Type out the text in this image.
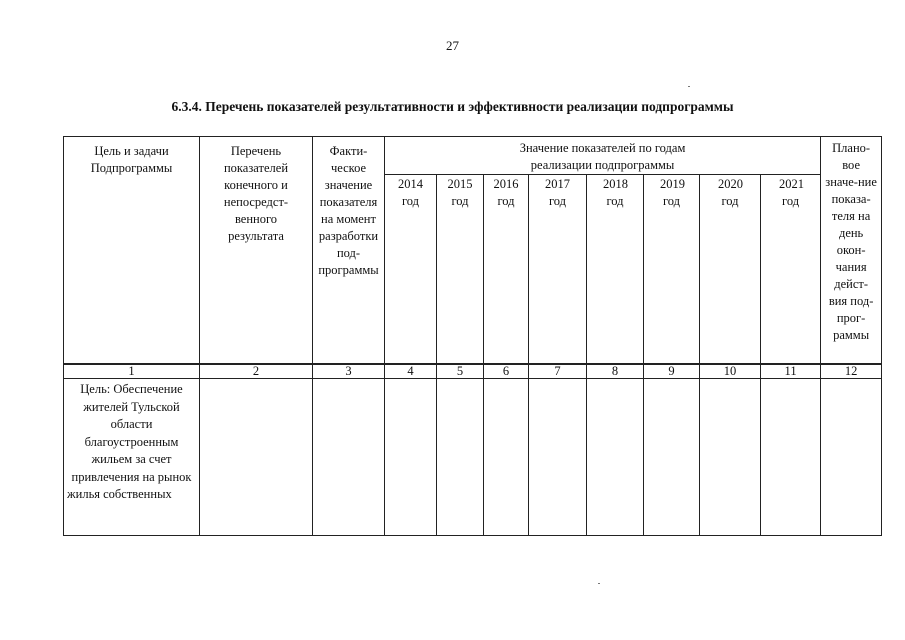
27
6.3.4. Перечень показателей результативности и эффективности реализации подпрограммы
Цель и задачи Подпрограммы	Перечень показателей конечного и непосредст-венного результата	Факти-ческое значение показателя на момент разработки под-программы	Значение показателей по годам реализации подпрограммы								Плано-вое значе-ние показа-теля на день окон-чания дейст-вия под-прог-раммы

			2014 год	2015 год	2016 год	2017 год	2018 год	2019 год	2020 год	2021 год	

1	2	3	4	5	6	7	8	9	10	11	12
Цель: Обеспечение жителей Тульской области благоустроенным жильем за счет привлечения на рынок жилья собственных											
